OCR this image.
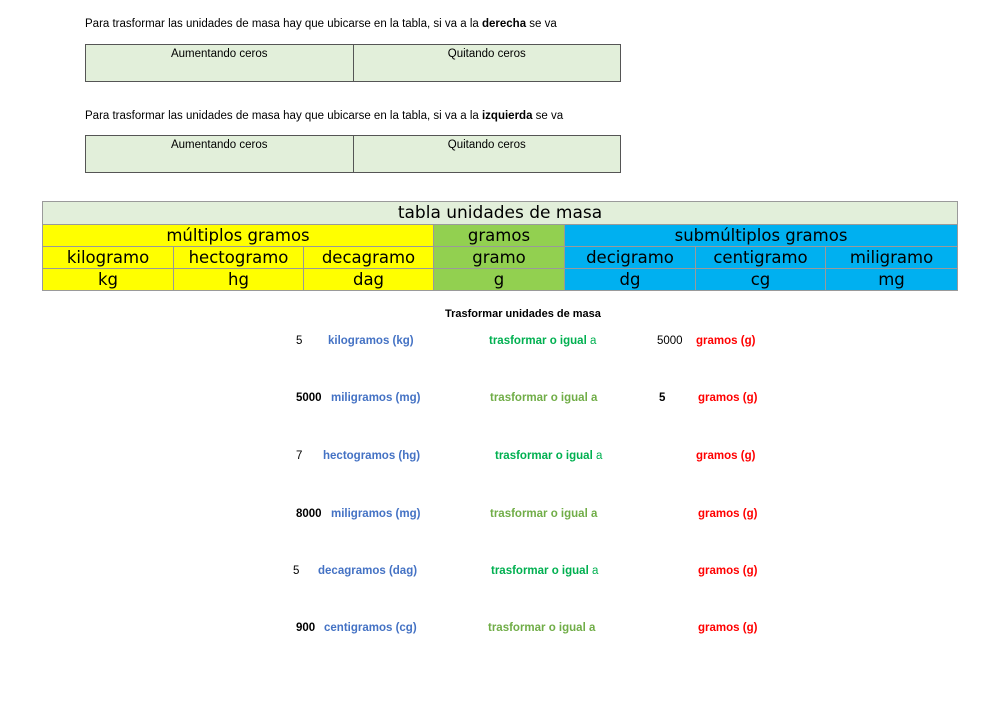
Para trasformar las unidades de masa hay que ubicarse en la tabla, si va a la derecha se va
Aumentando ceros	Quitando ceros
Para trasformar las unidades de masa hay que ubicarse en la tabla, si va a la izquierda se va
Aumentando ceros	Quitando ceros
tabla unidades de masa						
múltiplos gramos			gramos	submúltiplos gramos		
kilogramo	hectogramo	decagramo	gramo	decigramo	centigramo	miligramo
kg	hg	dag	g	dg	cg	mg
Trasformar unidades de masa
5 kilogramos (kg)	trasformar o igual a	5000 gramos (g)
5000 miligramos (mg)	trasformar o igual a	5	gramos (g)
7 hectogramos (hg)	trasformar o igual a	gramos (g)
8000 miligramos (mg)	trasformar o igual a	gramos (g)
5 decagramos (dag)	trasformar o igual a	gramos (g)
900 centigramos (cg)	trasformar o igual a	gramos (g)
